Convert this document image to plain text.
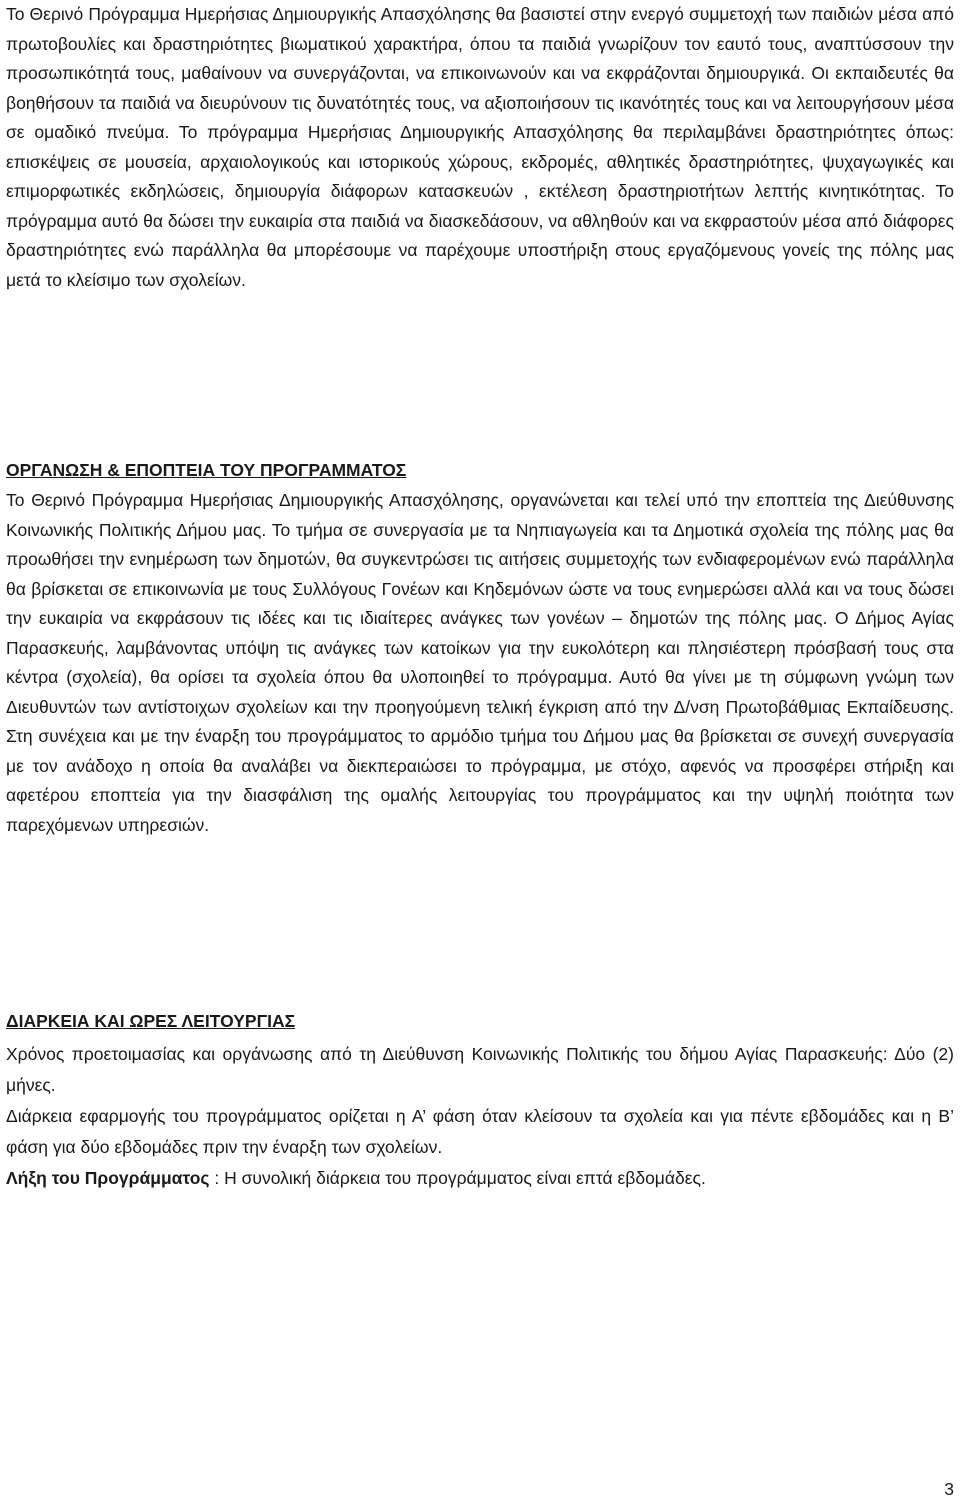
Το Θερινό Πρόγραμμα Ημερήσιας Δημιουργικής Απασχόλησης θα βασιστεί στην ενεργό συμμετοχή των παιδιών μέσα από πρωτοβουλίες και δραστηριότητες βιωματικού χαρακτήρα, όπου τα παιδιά γνωρίζουν τον εαυτό τους, αναπτύσσουν την προσωπικότητά τους, μαθαίνουν να συνεργάζονται, να επικοινωνούν και να εκφράζονται δημιουργικά. Οι εκπαιδευτές θα βοηθήσουν τα παιδιά να διευρύνουν τις δυνατότητές τους, να αξιοποιήσουν τις ικανότητές τους και να λειτουργήσουν μέσα σε ομαδικό πνεύμα. Το πρόγραμμα Ημερήσιας Δημιουργικής Απασχόλησης θα περιλαμβάνει δραστηριότητες όπως: επισκέψεις σε μουσεία, αρχαιολογικούς και ιστορικούς χώρους, εκδρομές, αθλητικές δραστηριότητες, ψυχαγωγικές και επιμορφωτικές εκδηλώσεις, δημιουργία διάφορων κατασκευών , εκτέλεση δραστηριοτήτων λεπτής κινητικότητας. Το πρόγραμμα αυτό θα δώσει την ευκαιρία στα παιδιά να διασκεδάσουν, να αθληθούν και να εκφραστούν μέσα από διάφορες δραστηριότητες ενώ παράλληλα θα μπορέσουμε να παρέχουμε υποστήριξη στους εργαζόμενους γονείς της πόλης μας μετά το κλείσιμο των σχολείων.

ΟΡΓΑΝΩΣΗ & ΕΠΟΠΤΕΙΑ ΤΟΥ ΠΡΟΓΡΑΜΜΑΤΟΣ

Το Θερινό Πρόγραμμα Ημερήσιας Δημιουργικής Απασχόλησης, οργανώνεται και τελεί υπό την εποπτεία της Διεύθυνσης Κοινωνικής Πολιτικής Δήμου μας. Το τμήμα σε συνεργασία με τα Νηπιαγωγεία και τα Δημοτικά σχολεία της πόλης μας θα προωθήσει την ενημέρωση των δημοτών, θα συγκεντρώσει τις αιτήσεις συμμετοχής των ενδιαφερομένων ενώ παράλληλα θα βρίσκεται σε επικοινωνία με τους Συλλόγους Γονέων και Κηδεμόνων ώστε να τους ενημερώσει αλλά και να τους δώσει την ευκαιρία να εκφράσουν τις ιδέες και τις ιδιαίτερες ανάγκες των γονέων – δημοτών της πόλης μας. Ο Δήμος Αγίας Παρασκευής, λαμβάνοντας υπόψη τις ανάγκες των κατοίκων για την ευκολότερη και πλησιέστερη πρόσβασή τους στα κέντρα (σχολεία), θα ορίσει τα σχολεία όπου θα υλοποιηθεί το πρόγραμμα. Αυτό θα γίνει με τη σύμφωνη γνώμη των Διευθυντών των αντίστοιχων σχολείων και την προηγούμενη τελική έγκριση από την Δ/νση Πρωτοβάθμιας Εκπαίδευσης. Στη συνέχεια και με την έναρξη του προγράμματος το αρμόδιο τμήμα του Δήμου μας θα βρίσκεται σε συνεχή συνεργασία με τον ανάδοχο η οποία θα αναλάβει να διεκπεραιώσει το πρόγραμμα, με στόχο, αφενός να προσφέρει στήριξη και αφετέρου εποπτεία για την διασφάλιση της ομαλής λειτουργίας του προγράμματος και την υψηλή ποιότητα των παρεχόμενων υπηρεσιών.

ΔΙΑΡΚΕΙΑ ΚΑΙ ΩΡΕΣ ΛΕΙΤΟΥΡΓΙΑΣ

Χρόνος προετοιμασίας και οργάνωσης από τη Διεύθυνση Κοινωνικής Πολιτικής του δήμου Αγίας Παρασκευής: Δύο (2) μήνες.

Διάρκεια εφαρμογής του προγράμματος ορίζεται η Α’ φάση όταν κλείσουν τα σχολεία και για πέντε εβδομάδες και η Β’ φάση για δύο εβδομάδες πριν την έναρξη των σχολείων.

Λήξη του Προγράμματος : Η συνολική διάρκεια του προγράμματος είναι επτά εβδομάδες.

3
